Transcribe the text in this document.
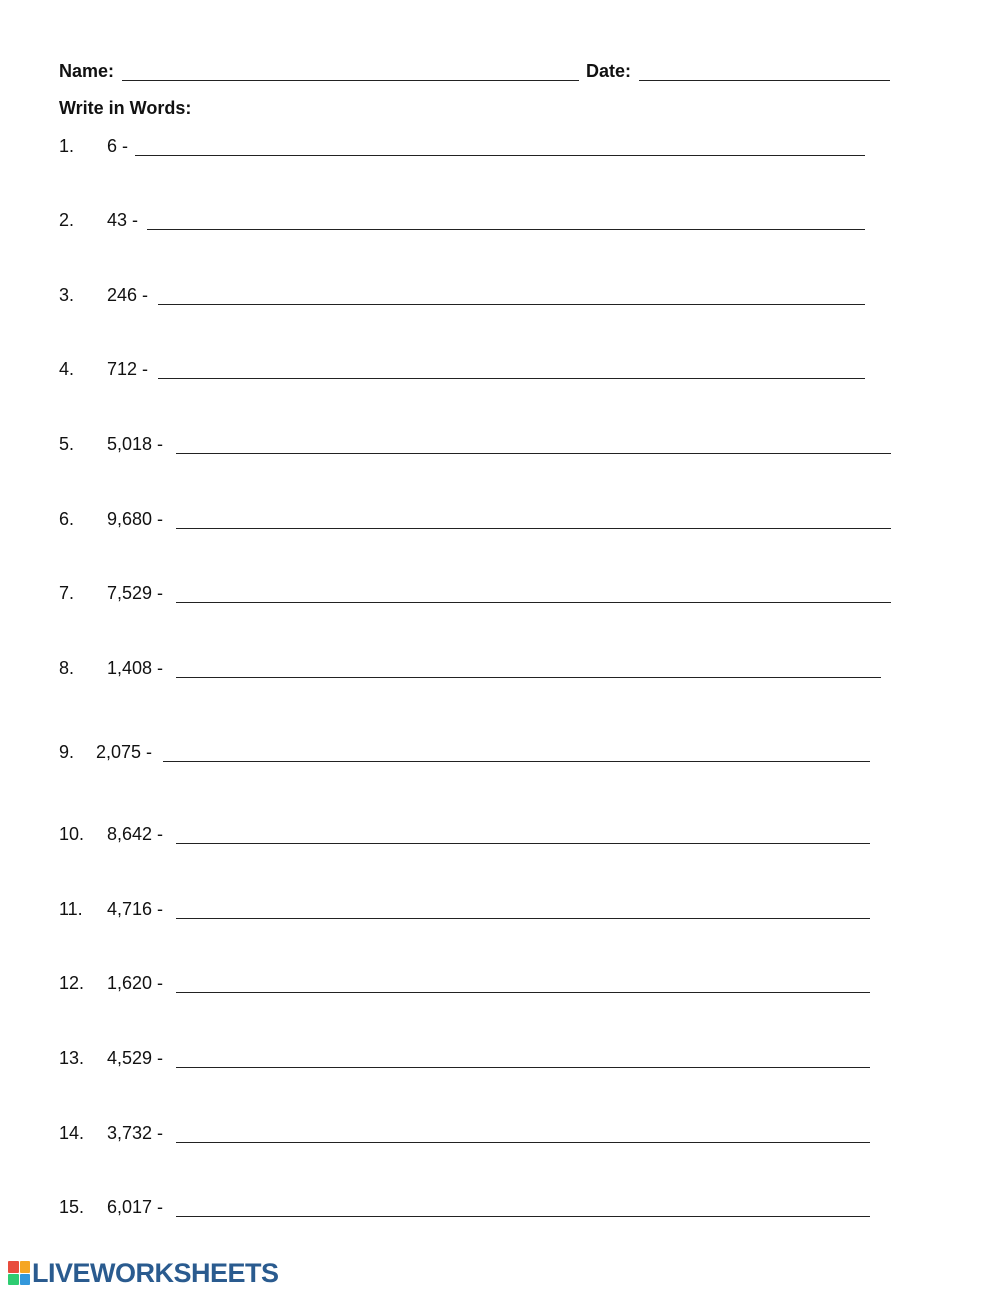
Name:	Date:
Write in Words:
1. 6 -
2. 43 -
3. 246 -
4. 712 -
5. 5,018 -
6. 9,680 -
7. 7,529 -
8. 1,408 -
9. 2,075 -
10. 8,642 -
11. 4,716 -
12. 1,620 -
13. 4,529 -
14. 3,732 -
15. 6,017 -
LIVEWORKSHEETS
